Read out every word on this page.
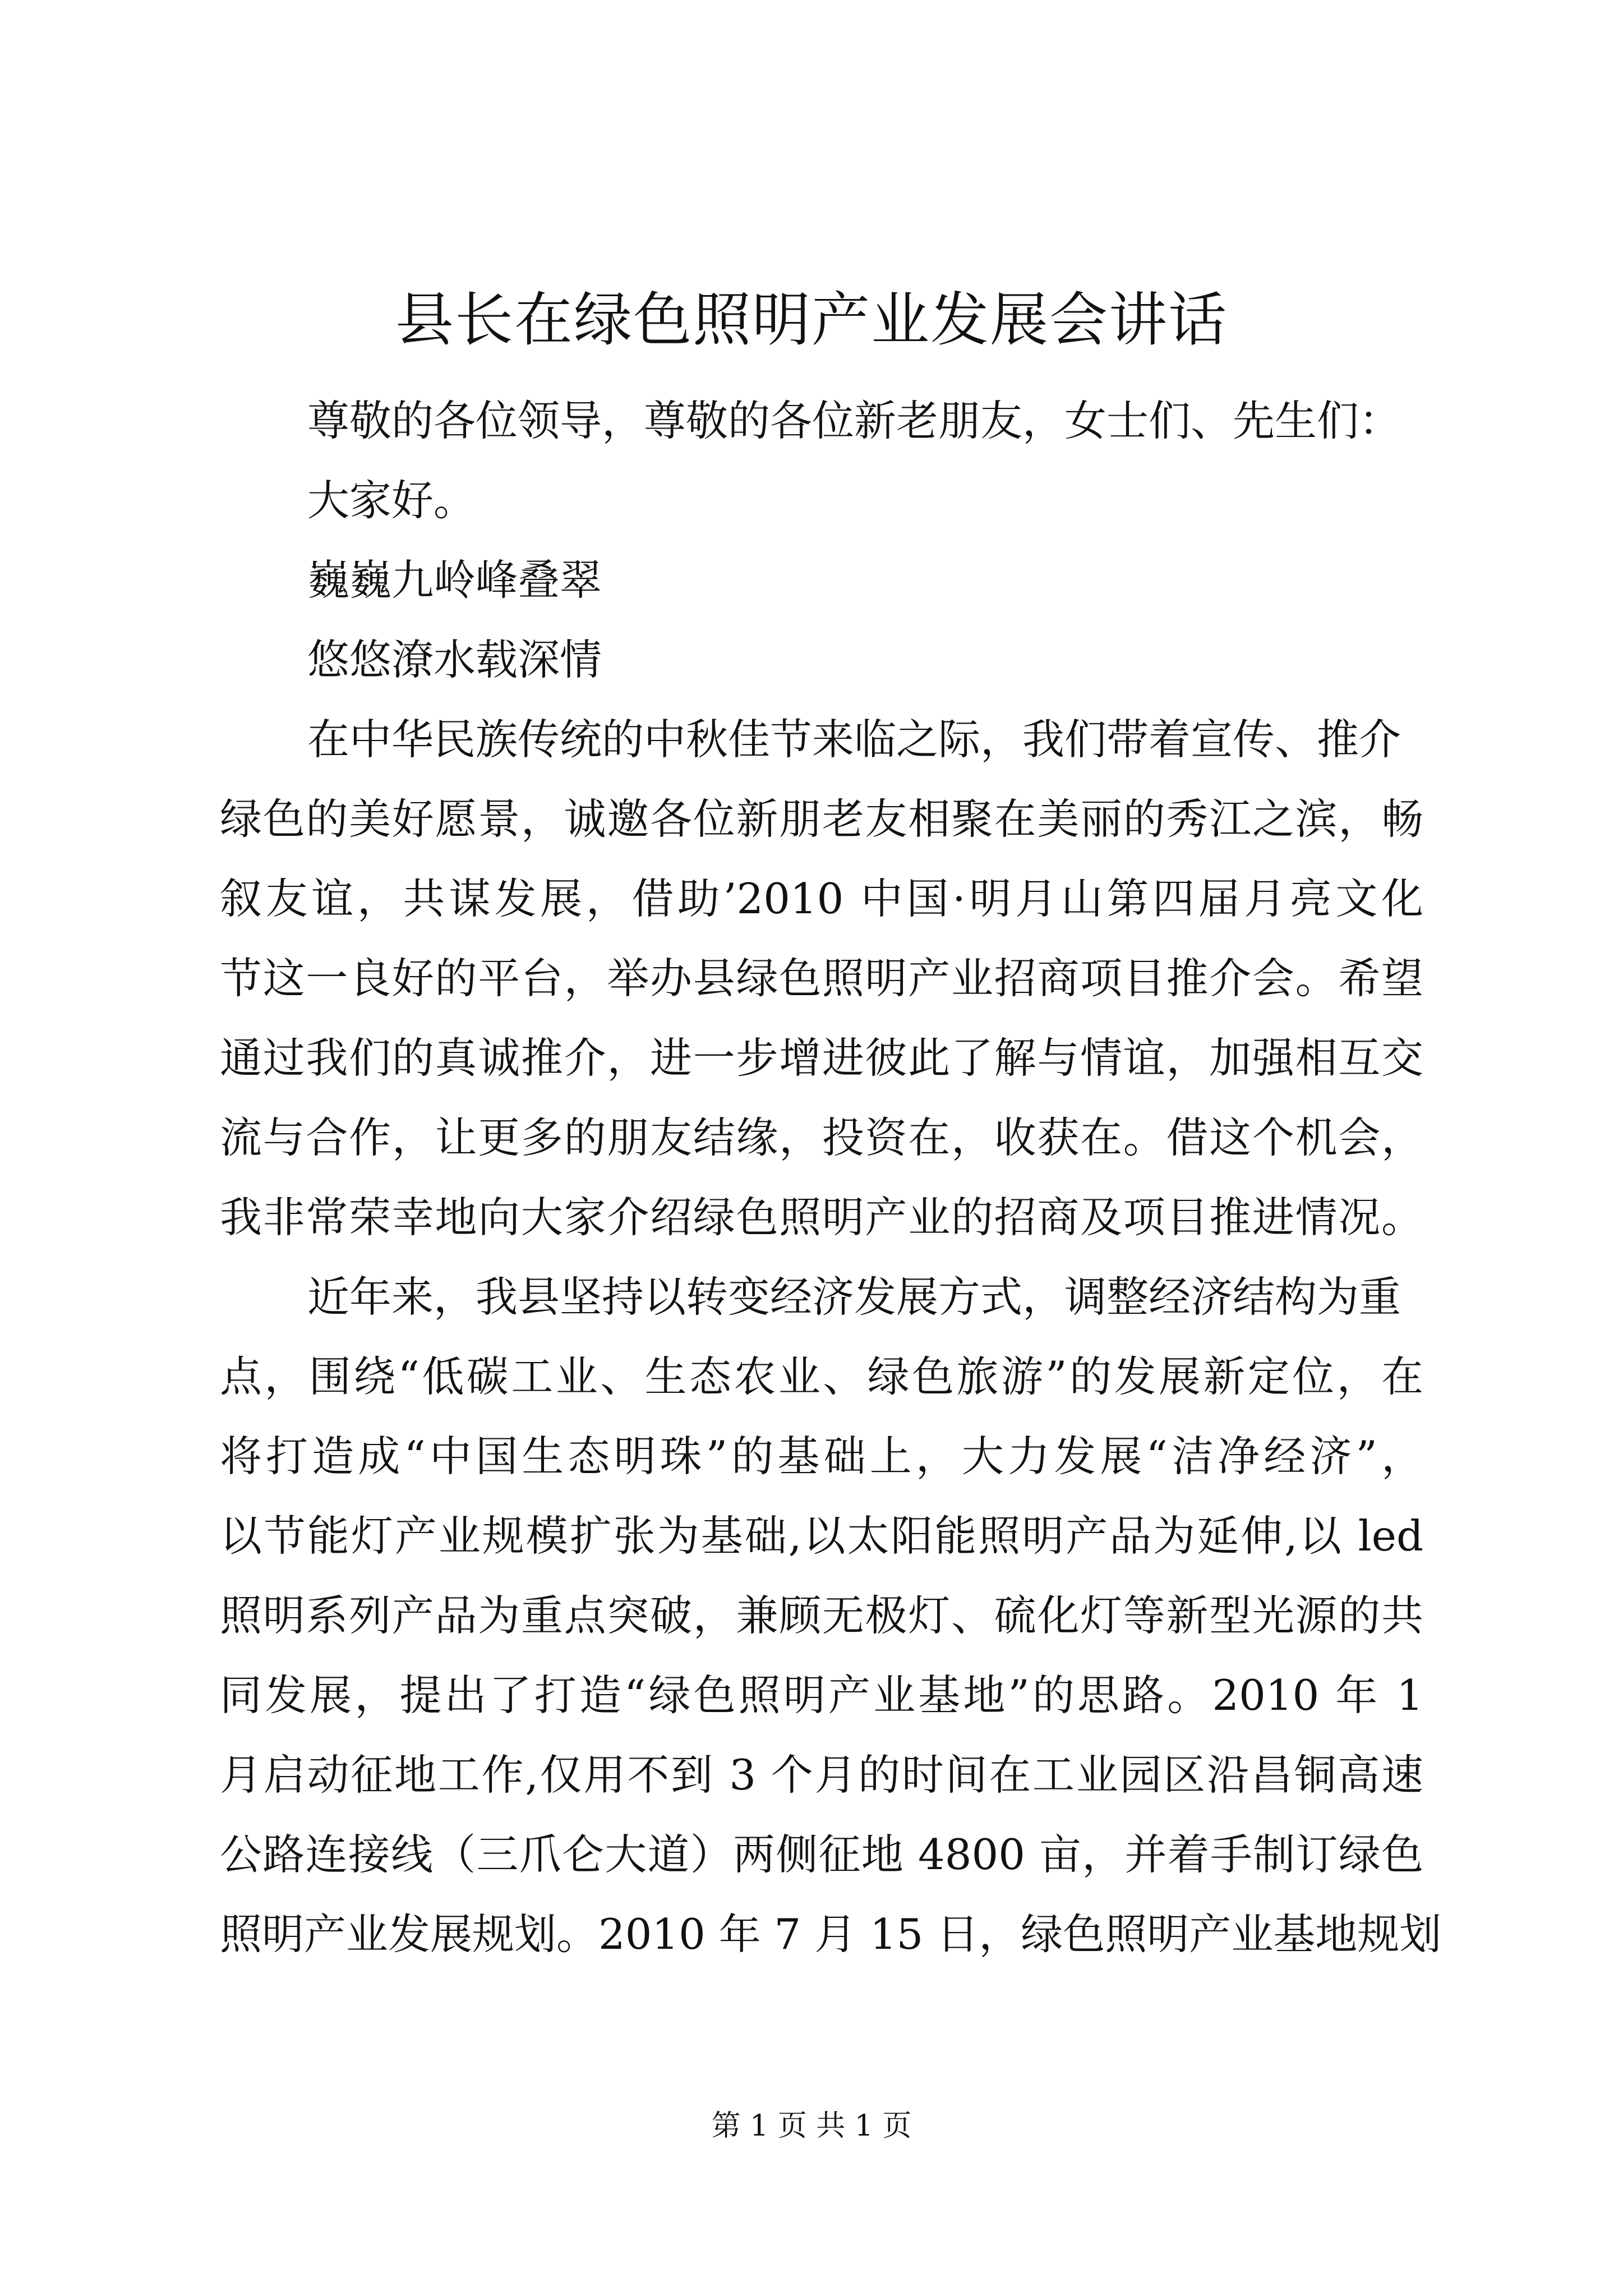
县长在绿色照明产业发展会讲话
尊敬的各位领导，尊敬的各位新老朋友，女士们、先生们：
大家好。
巍巍九岭峰叠翠
悠悠潦水载深情
在中华民族传统的中秋佳节来临之际，我们带着宣传、推介
绿色的美好愿景，诚邀各位新朋老友相聚在美丽的秀江之滨，畅
叙友谊，共谋发展，借助’2010 中国·明月山第四届月亮文化
节这一良好的平台，举办县绿色照明产业招商项目推介会。希望
通过我们的真诚推介，进一步增进彼此了解与情谊，加强相互交
流与合作，让更多的朋友结缘，投资在，收获在。借这个机会，
我非常荣幸地向大家介绍绿色照明产业的招商及项目推进情况。
近年来，我县坚持以转变经济发展方式，调整经济结构为重
点，围绕“低碳工业、生态农业、绿色旅游”的发展新定位，在
将打造成“中国生态明珠”的基础上，大力发展“洁净经济”，
以节能灯产业规模扩张为基础,以太阳能照明产品为延伸,以 led
照明系列产品为重点突破，兼顾无极灯、硫化灯等新型光源的共
同发展，提出了打造“绿色照明产业基地”的思路。2010 年 1
月启动征地工作,仅用不到 3 个月的时间在工业园区沿昌铜高速
公路连接线（三爪仑大道）两侧征地 4800 亩，并着手制订绿色
照明产业发展规划。2010 年 7 月 15 日，绿色照明产业基地规划
第 1 页 共 1 页
